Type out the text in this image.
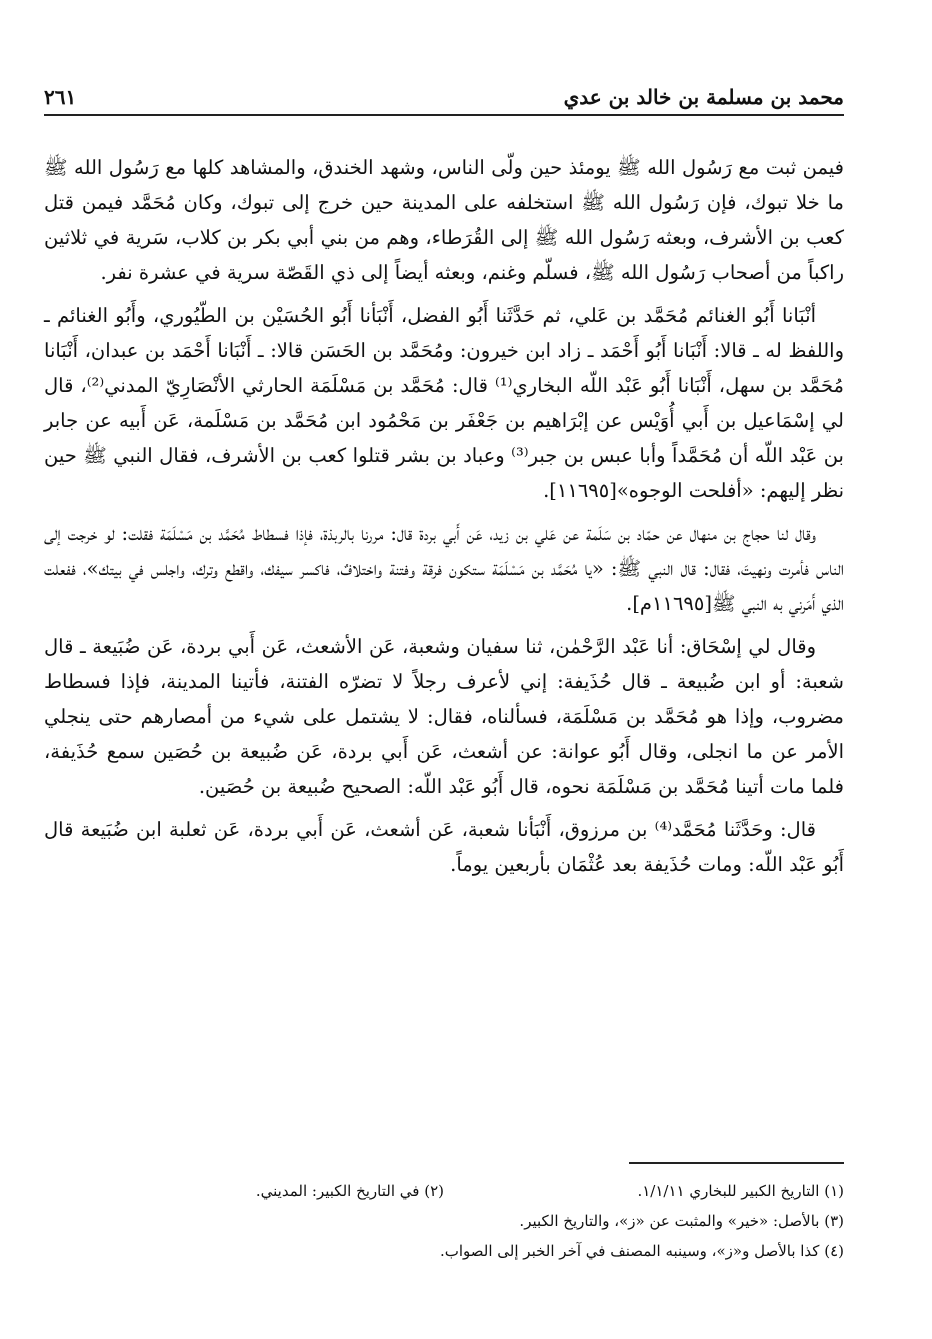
محمد بن مسلمة بن خالد بن عدي
٢٦١

فيمن ثبت مع رَسُول الله ﷺ يومئذ حين ولّى الناس، وشهد الخندق، والمشاهد كلها مع رَسُول الله ﷺ ما خلا تبوك، فإن رَسُول الله ﷺ استخلفه على المدينة حين خرج إلى تبوك، وكان مُحَمَّد فيمن قتل كعب بن الأشرف، وبعثه رَسُول الله ﷺ إلى القُرَطاء، وهم من بني أبي بكر بن كلاب، سَرية في ثلاثين راكباً من أصحاب رَسُول الله ﷺ، فسلّم وغنم، وبعثه أيضاً إلى ذي القَصّة سرية في عشرة نفر.

أنْبَانا أَبُو الغنائم مُحَمَّد بن عَلي، ثم حَدَّثَنا أَبُو الفضل، أَنْبَأنا أَبُو الحُسَيْن بن الطّيُوري، وأَبُو الغنائم ـ واللفظ له ـ قالا: أَنْبَانا أَبُو أَحْمَد ـ زاد ابن خيرون: ومُحَمَّد بن الحَسَن قالا: ـ أَنْبَانا أَحْمَد بن عبدان، أَنْبَانا مُحَمَّد بن سهل، أَنْبَانا أَبُو عَبْد اللّه البخاري⁽¹⁾ قال: مُحَمَّد بن مَسْلَمَة الحارثي الأنْصَارِيّ المدني⁽²⁾، قال لي إسْمَاعيل بن أَبي أُوَيْس عن إبْرَاهيم بن جَعْفَر بن مَحْمُود ابن مُحَمَّد بن مَسْلَمة، عَن أَبيه عن جابر بن عَبْد اللّه أن مُحَمَّداً وأبا عبس بن جبر⁽³⁾ وعباد بن بشر قتلوا كعب بن الأشرف، فقال النبي ﷺ حين نظر إليهم: «أفلحت الوجوه»[١١٦٩٥].

وقال لنا حجاج بن منهال عن حمّاد بن سَلَمة عن عَلي بن زيد، عَن أَبي بردة قال: مررنا بالربذة، فإذا فسطاط مُحَمَّد بن مَسْلَمَة فقلت: لو خرجت إلى الناس فأمرت ونهيتَ، فقال: قال النبي ﷺ: «يا مُحَمَّد بن مَسْلَمَة ستكون فرقة وفتنة واختلافٌ، فاكسر سيفك، واقطع وترك، واجلس في بيتك»، ففعلت الذي أَمَرني به النبي ﷺ[١١٦٩٥م].

وقال لي إسْحَاق: أنا عَبْد الرَّحْمٰن، ثنا سفيان وشعبة، عَن الأشعث، عَن أَبي بردة، عَن ضُبَيعة ـ قال شعبة: أو ابن ضُبيعة ـ قال حُذَيفة: إني لأعرف رجلاً لا تضرّه الفتنة، فأتينا المدينة، فإذا فسطاط مضروب، وإذا هو مُحَمَّد بن مَسْلَمَة، فسألناه، فقال: لا يشتمل على شيء من أمصارهم حتى ينجلي الأمر عن ما انجلى، وقال أَبُو عوانة: عن أشعث، عَن أَبي بردة، عَن ضُبيعة بن حُصَين سمع حُذَيفة، فلما مات أتينا مُحَمَّد بن مَسْلَمَة نحوه، قال أَبُو عَبْد اللّه: الصحيح ضُبيعة بن حُصَين.

قال: وحَدَّثَنا مُحَمَّد⁽⁴⁾ بن مرزوق، أَنْبَأنا شعبة، عَن أشعث، عَن أَبي بردة، عَن ثعلبة ابن ضُبَيعة قال أَبُو عَبْد اللّه: ومات حُذَيفة بعد عُثْمَان بأربعين يوماً.

(١) التاريخ الكبير للبخاري ١/١/١١.
(٢) في التاريخ الكبير: المديني.
(٣) بالأصل: «خير» والمثبت عن «ز»، والتاريخ الكبير.
(٤) كذا بالأصل و«ز»، وسينبه المصنف في آخر الخبر إلى الصواب.
